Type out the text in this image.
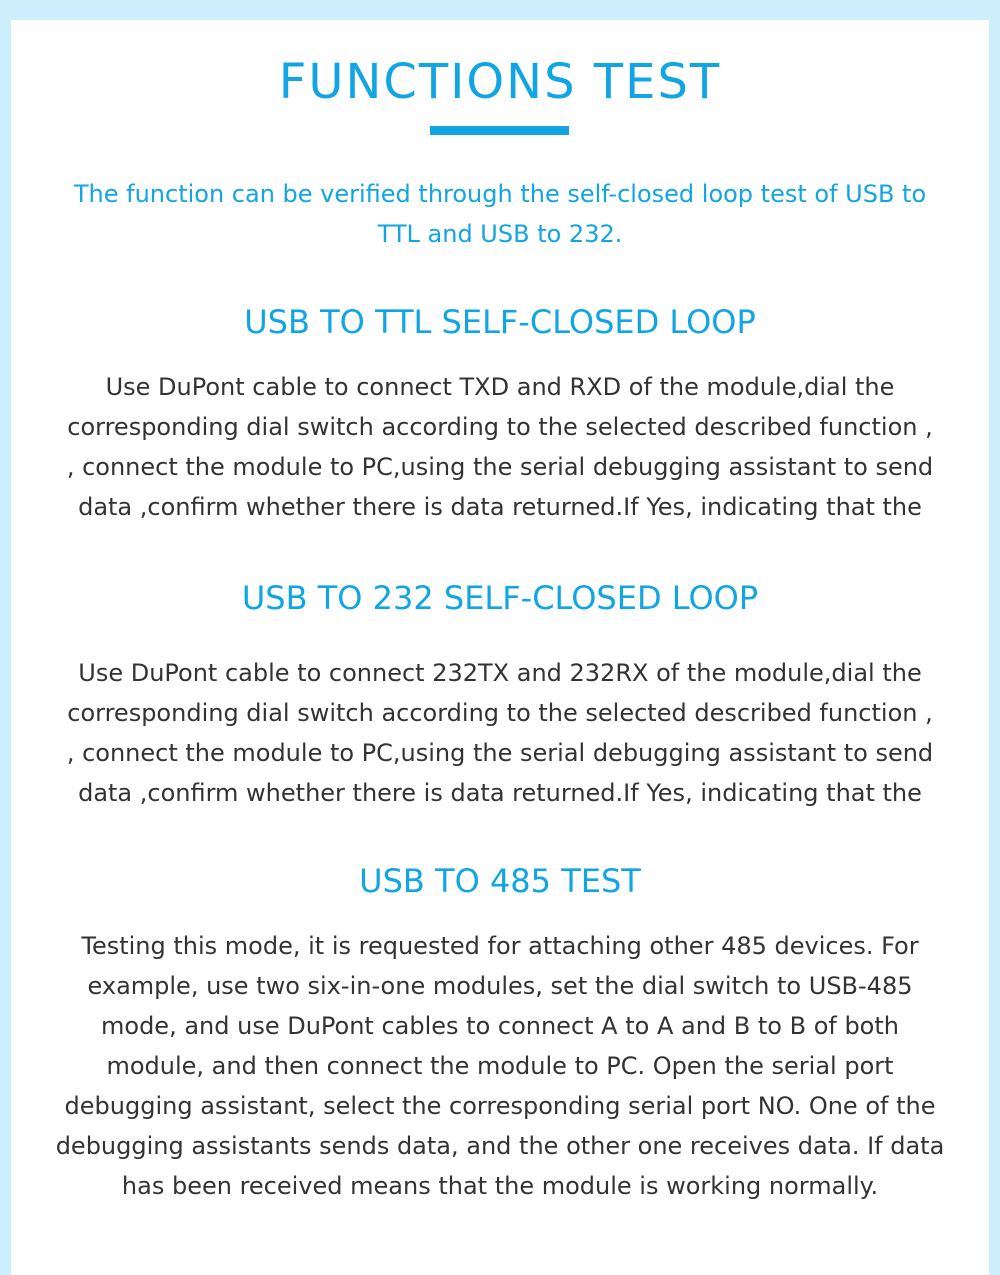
FUNCTIONS TEST

The function can be verified through the self-closed loop test of USB to
TTL and USB to 232.

USB TO TTL SELF-CLOSED LOOP

Use DuPont cable to connect TXD and RXD of the module,dial the
corresponding dial switch according to the selected described function ,
, connect the module to PC,using the serial debugging assistant to send
data ,confirm whether there is data returned.If Yes, indicating that the

USB TO 232 SELF-CLOSED LOOP

Use DuPont cable to connect 232TX and 232RX of the module,dial the
corresponding dial switch according to the selected described function ,
, connect the module to PC,using the serial debugging assistant to send
data ,confirm whether there is data returned.If Yes, indicating that the

USB TO 485 TEST

Testing this mode, it is requested for attaching other 485 devices. For
example, use two six-in-one modules, set the dial switch to USB-485
mode, and use DuPont cables to connect A to A and B to B of both
module, and then connect the module to PC. Open the serial port
debugging assistant, select the corresponding serial port NO. One of the
debugging assistants sends data, and the other one receives data. If data
has been received means that the module is working normally.
